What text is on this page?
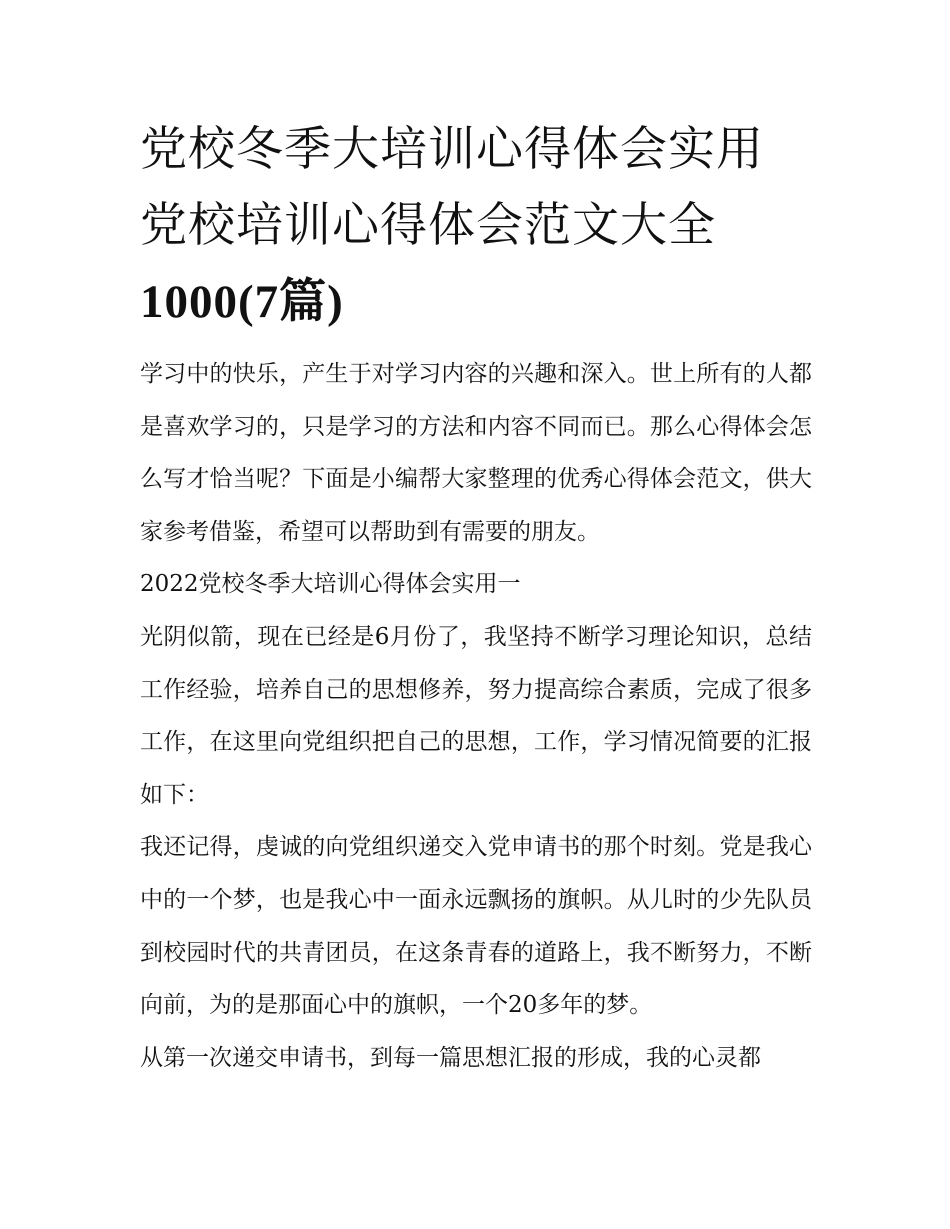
党校冬季大培训心得体会实用
党校培训心得体会范文大全
1000(7篇)

学习中的快乐，产生于对学习内容的兴趣和深入。世上所有的人都是喜欢学习的，只是学习的方法和内容不同而已。那么心得体会怎么写才恰当呢？下面是小编帮大家整理的优秀心得体会范文，供大家参考借鉴，希望可以帮助到有需要的朋友。

2022党校冬季大培训心得体会实用一

光阴似箭，现在已经是6月份了，我坚持不断学习理论知识，总结工作经验，培养自己的思想修养，努力提高综合素质，完成了很多工作，在这里向党组织把自己的思想，工作，学习情况简要的汇报如下：

我还记得，虔诚的向党组织递交入党申请书的那个时刻。党是我心中的一个梦，也是我心中一面永远飘扬的旗帜。从儿时的少先队员到校园时代的共青团员，在这条青春的道路上，我不断努力，不断向前，为的是那面心中的旗帜，一个20多年的梦。

从第一次递交申请书，到每一篇思想汇报的形成，我的心灵都
